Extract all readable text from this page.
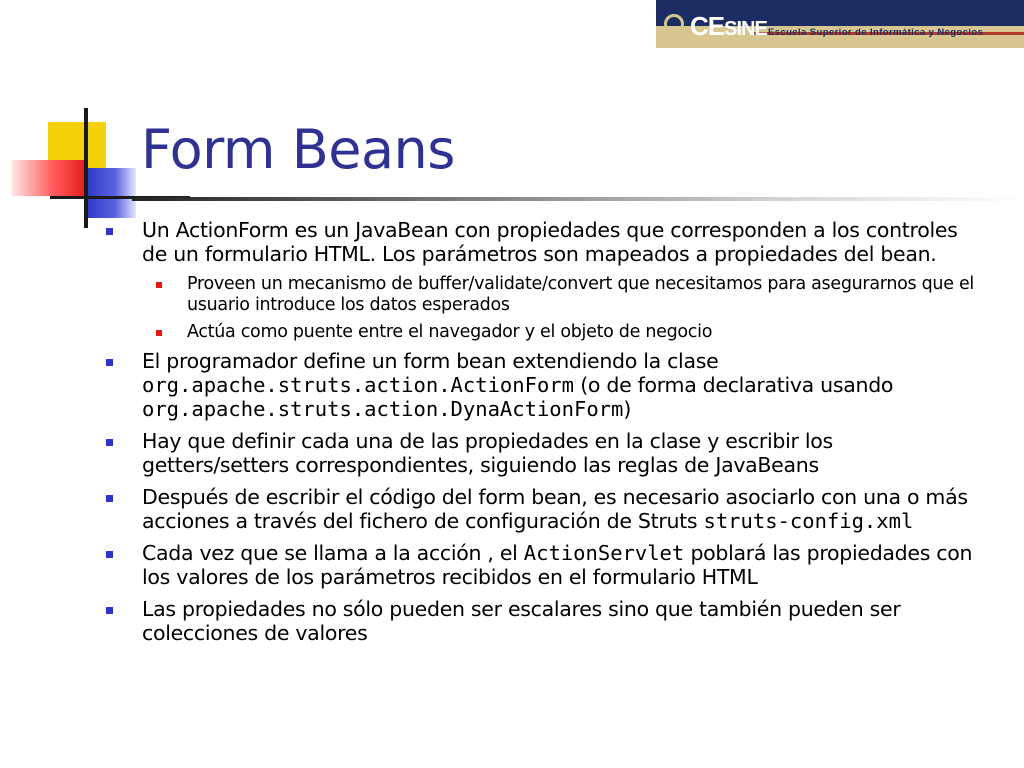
CESINE Escuela Superior de Informática y Negocios
Form Beans
Un ActionForm es un JavaBean con propiedades que corresponden a los controles de un formulario HTML. Los parámetros son mapeados a propiedades del bean.
Proveen un mecanismo de buffer/validate/convert que necesitamos para asegurarnos que el usuario introduce los datos esperados
Actúa como puente entre el navegador y el objeto de negocio
El programador define un form bean extendiendo la clase org.apache.struts.action.ActionForm (o de forma declarativa usando org.apache.struts.action.DynaActionForm)
Hay que definir cada una de las propiedades en la clase y escribir los getters/setters correspondientes, siguiendo las reglas de JavaBeans
Después de escribir el código del form bean, es necesario asociarlo con una o más acciones a través del fichero de configuración de Struts struts-config.xml
Cada vez que se llama a la acción , el ActionServlet poblará las propiedades con los valores de los parámetros recibidos en el formulario HTML
Las propiedades no sólo pueden ser escalares sino que también pueden ser colecciones de valores
